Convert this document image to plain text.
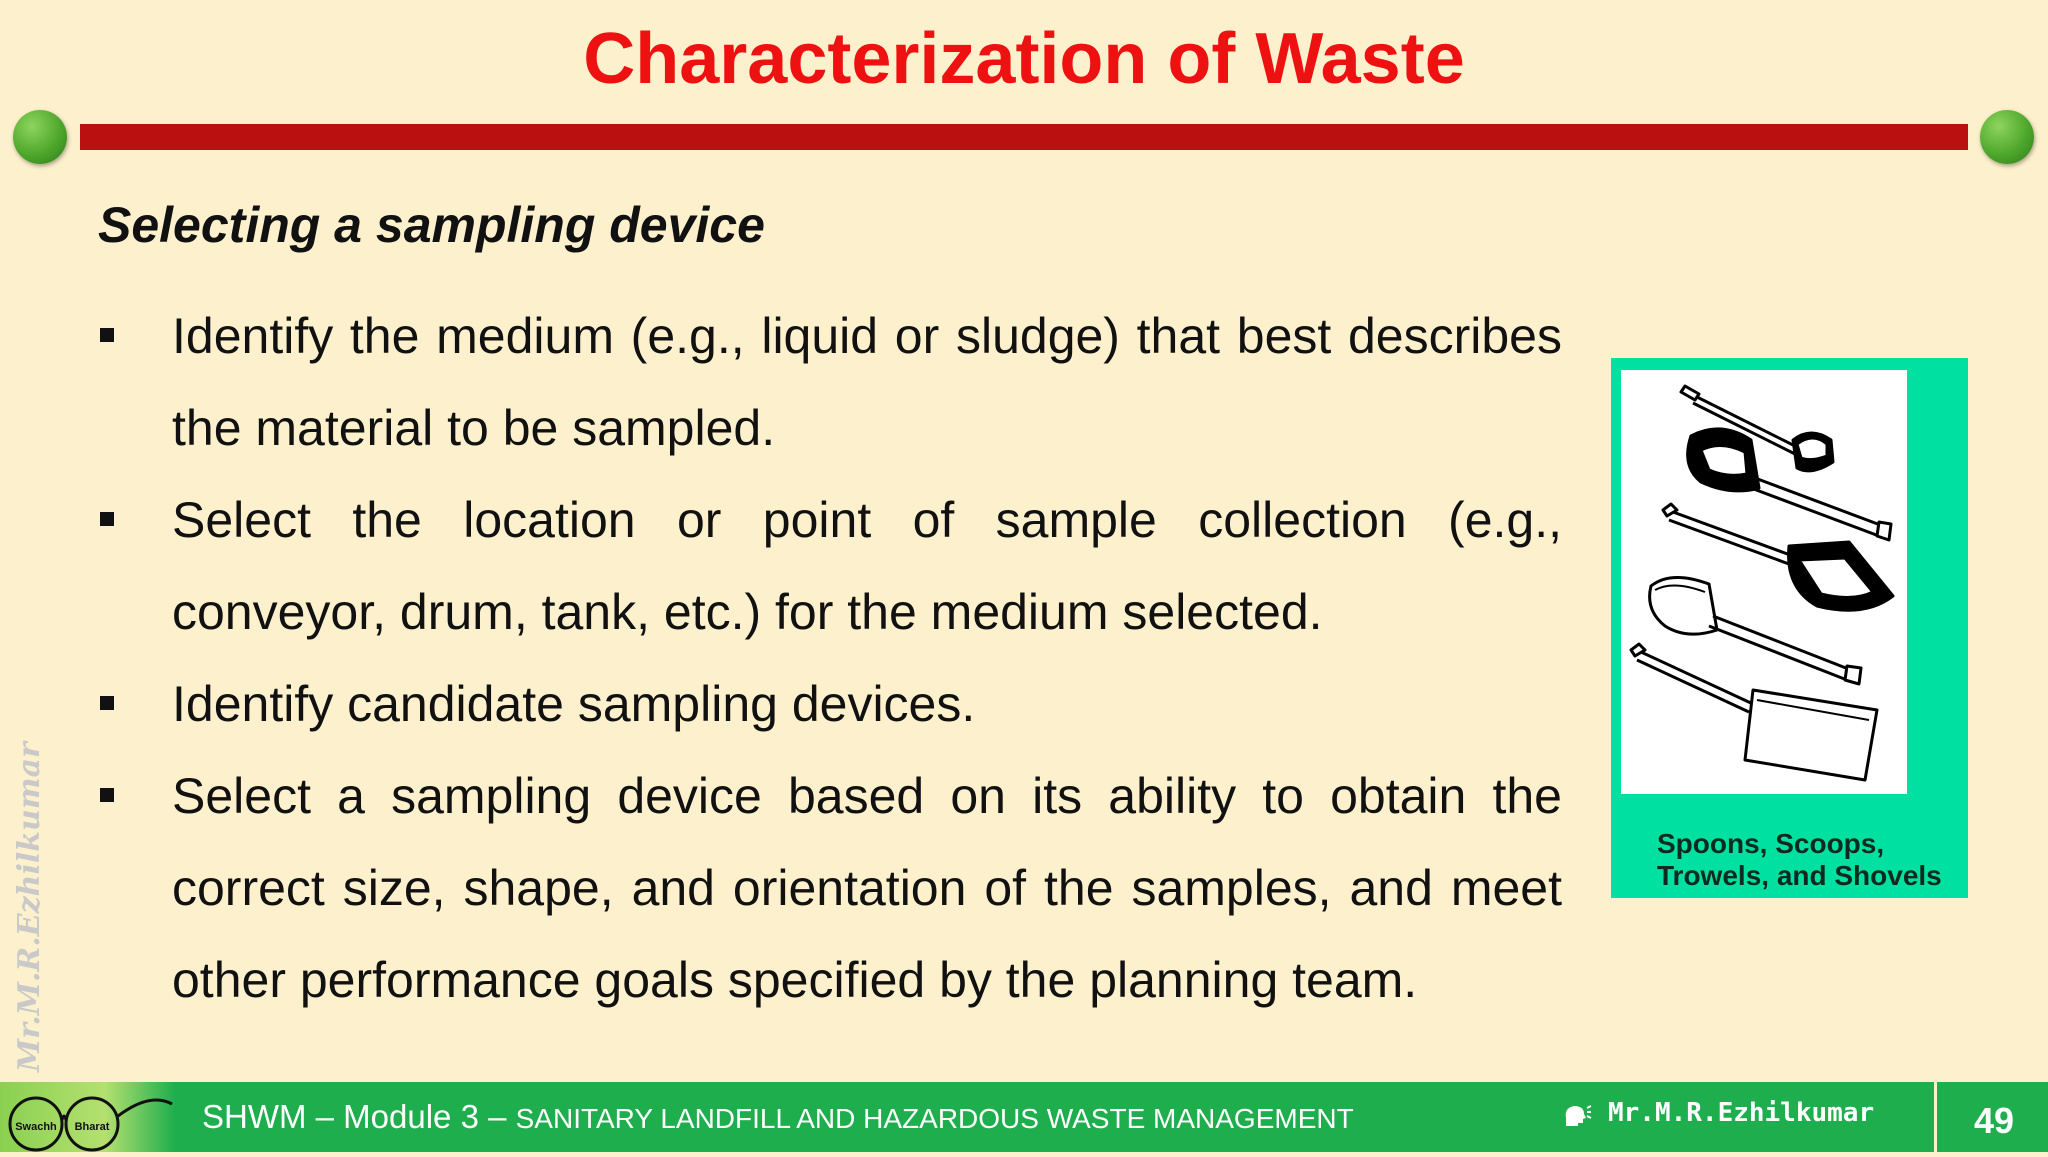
Characterization of Waste
Selecting a sampling device
Identify the medium (e.g., liquid or sludge) that best describes the material to be sampled.
Select the location or point of sample collection (e.g., conveyor, drum, tank, etc.) for the medium selected.
Identify candidate sampling devices.
Select a sampling device based on its ability to obtain the correct size, shape, and orientation of the samples, and meet other performance goals specified by the planning team.
Spoons, Scoops,
Trowels, and Shovels
Mr.M.R.Ezhilkumar
Swachh Bharat	SHWM – Module 3 – SANITARY LANDFILL AND HAZARDOUS WASTE MANAGEMENT	Mr.M.R.Ezhilkumar	49
